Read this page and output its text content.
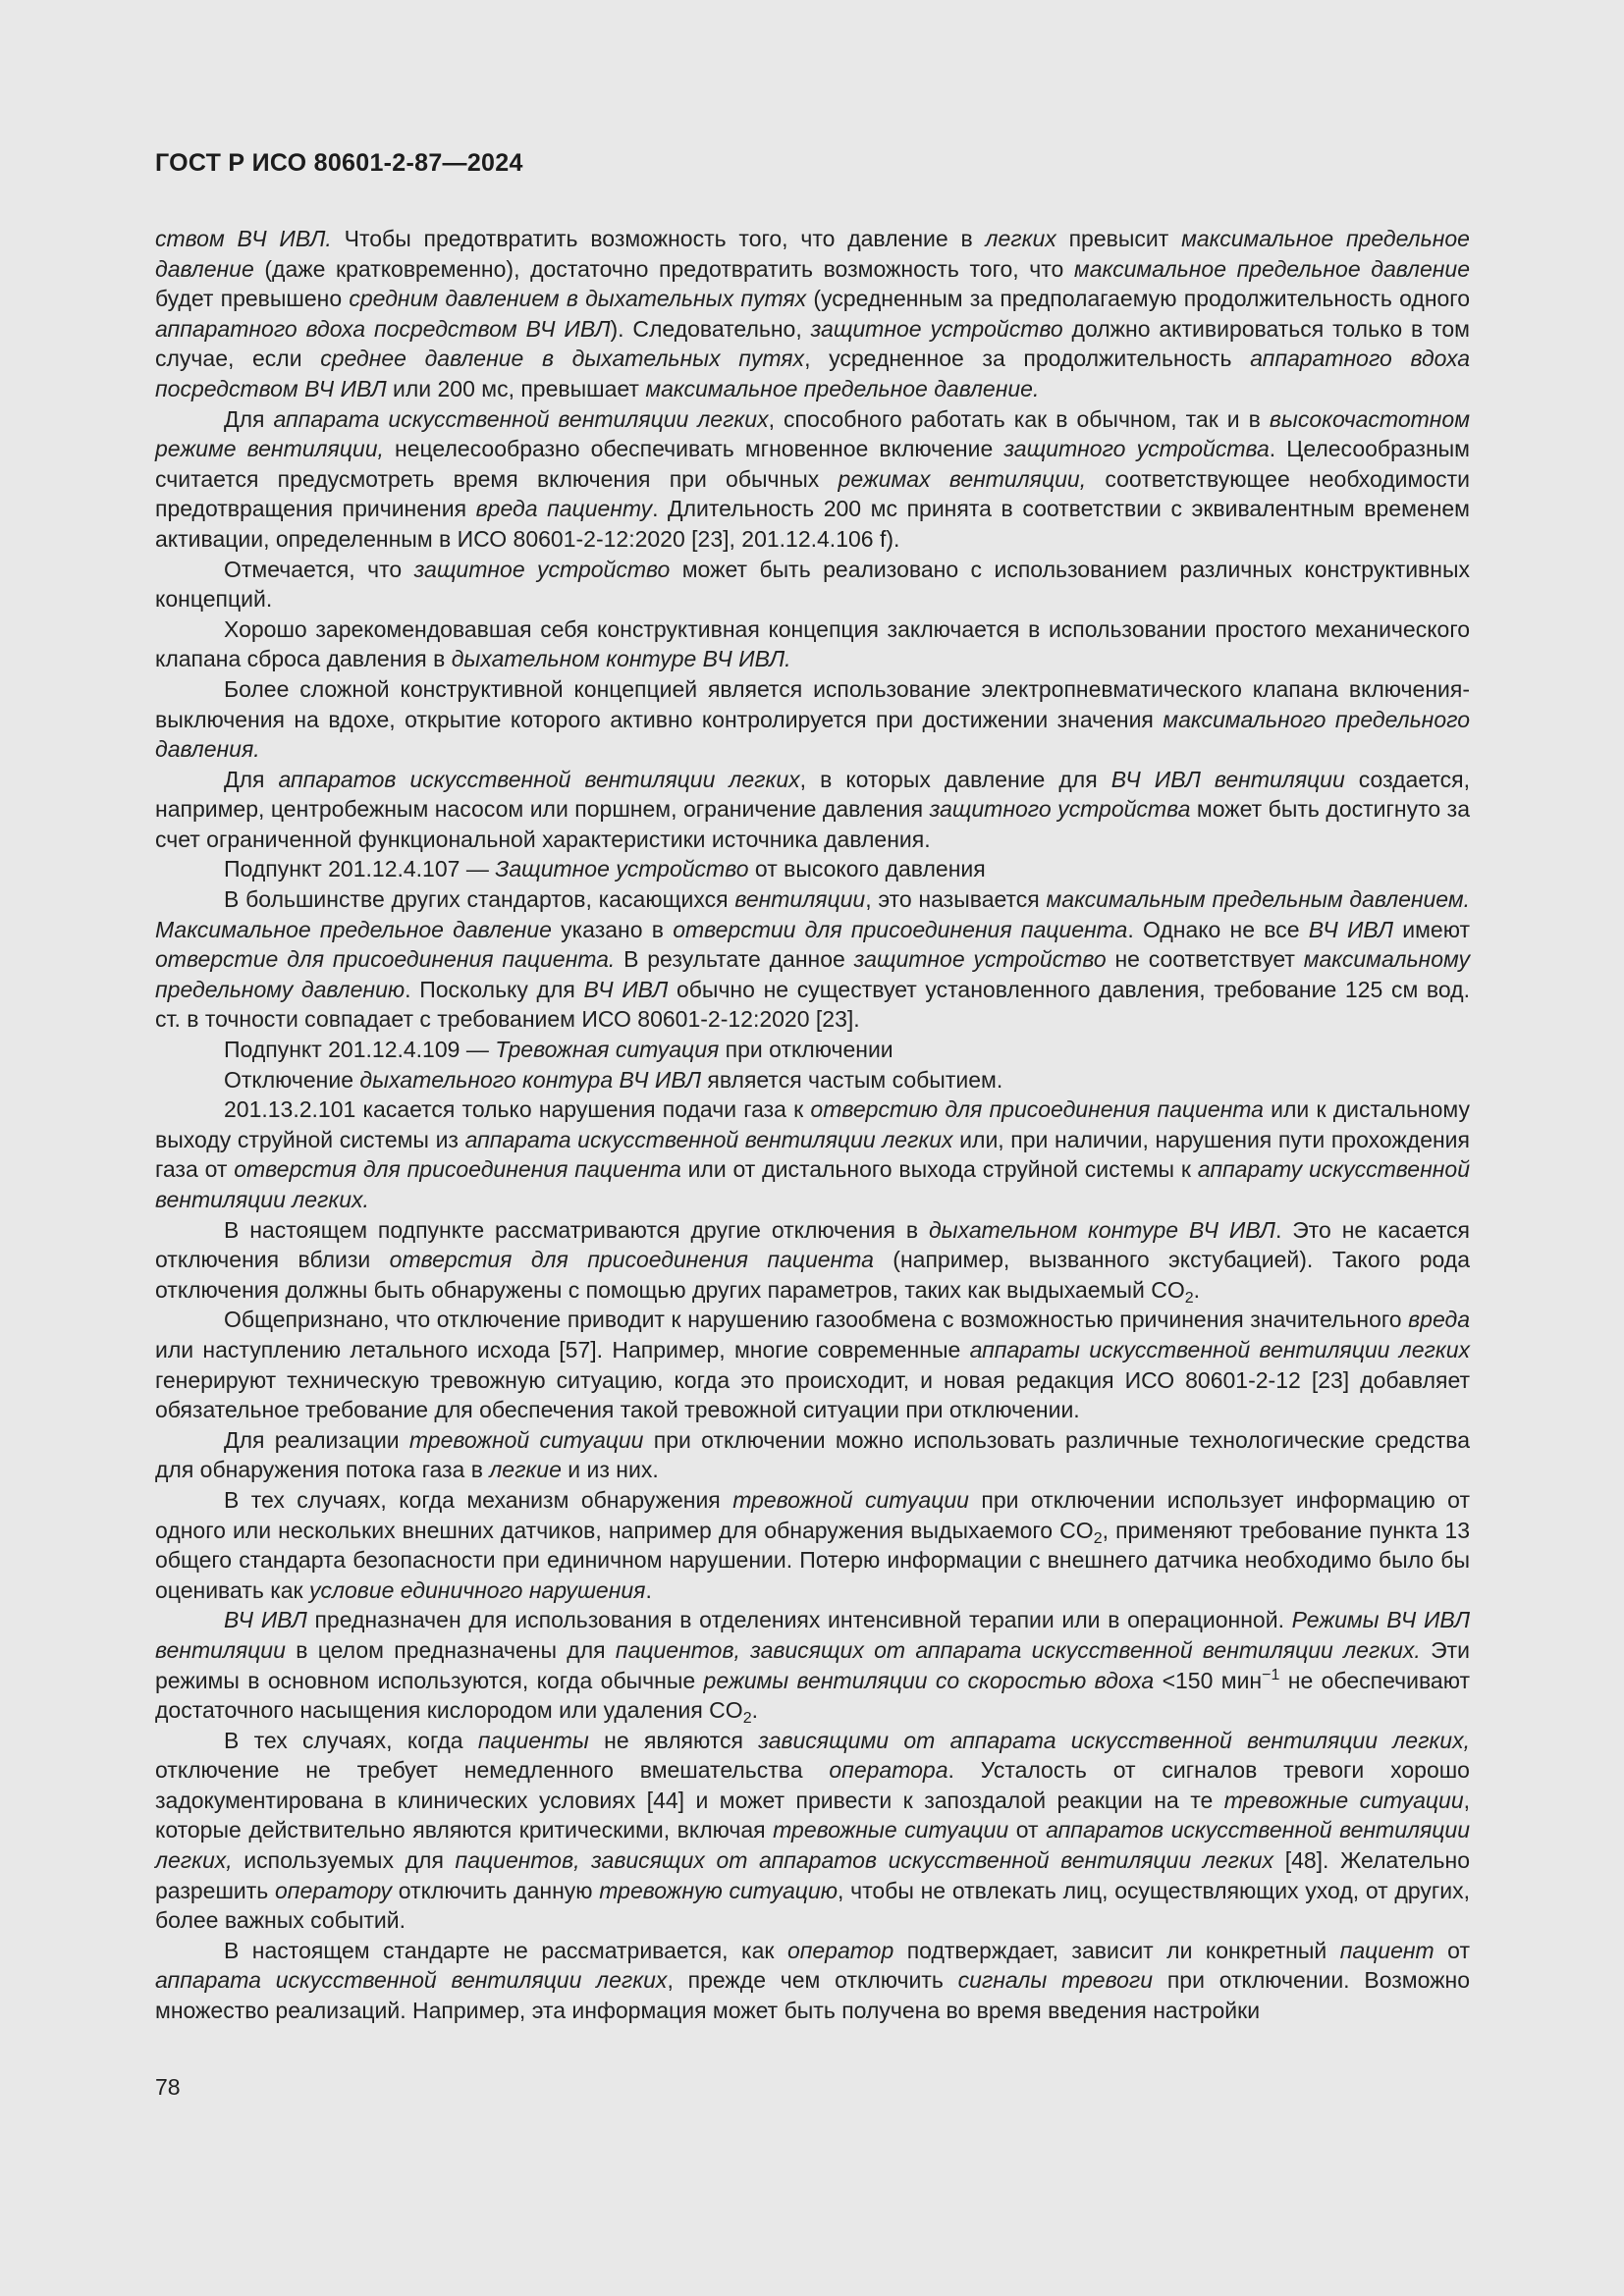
ГОСТ Р ИСО 80601-2-87—2024

ством ВЧ ИВЛ. Чтобы предотвратить возможность того, что давление в легких превысит максимальное предельное давление (даже кратковременно), достаточно предотвратить возможность того, что максимальное предельное давление будет превышено средним давлением в дыхательных путях (усредненным за предполагаемую продолжительность одного аппаратного вдоха посредством ВЧ ИВЛ). Следовательно, защитное устройство должно активироваться только в том случае, если среднее давление в дыхательных путях, усредненное за продолжительность аппаратного вдоха посредством ВЧ ИВЛ или 200 мс, превышает максимальное предельное давление.

Для аппарата искусственной вентиляции легких, способного работать как в обычном, так и в высокочастотном режиме вентиляции, нецелесообразно обеспечивать мгновенное включение защитного устройства. Целесообразным считается предусмотреть время включения при обычных режимах вентиляции, соответствующее необходимости предотвращения причинения вреда пациенту. Длительность 200 мс принята в соответствии с эквивалентным временем активации, определенным в ИСО 80601-2-12:2020 [23], 201.12.4.106 f).

Отмечается, что защитное устройство может быть реализовано с использованием различных конструктивных концепций.

Хорошо зарекомендовавшая себя конструктивная концепция заключается в использовании простого механического клапана сброса давления в дыхательном контуре ВЧ ИВЛ.

Более сложной конструктивной концепцией является использование электропневматического клапана включения-выключения на вдохе, открытие которого активно контролируется при достижении значения максимального предельного давления.

Для аппаратов искусственной вентиляции легких, в которых давление для ВЧ ИВЛ вентиляции создается, например, центробежным насосом или поршнем, ограничение давления защитного устройства может быть достигнуто за счет ограниченной функциональной характеристики источника давления.

Подпункт 201.12.4.107 — Защитное устройство от высокого давления

В большинстве других стандартов, касающихся вентиляции, это называется максимальным предельным давлением. Максимальное предельное давление указано в отверстии для присоединения пациента. Однако не все ВЧ ИВЛ имеют отверстие для присоединения пациента. В результате данное защитное устройство не соответствует максимальному предельному давлению. Поскольку для ВЧ ИВЛ обычно не существует установленного давления, требование 125 см вод. ст. в точности совпадает с требованием ИСО 80601-2-12:2020 [23].

Подпункт 201.12.4.109 — Тревожная ситуация при отключении

Отключение дыхательного контура ВЧ ИВЛ является частым событием.

201.13.2.101 касается только нарушения подачи газа к отверстию для присоединения пациента или к дистальному выходу струйной системы из аппарата искусственной вентиляции легких или, при наличии, нарушения пути прохождения газа от отверстия для присоединения пациента или от дистального выхода струйной системы к аппарату искусственной вентиляции легких.

В настоящем подпункте рассматриваются другие отключения в дыхательном контуре ВЧ ИВЛ. Это не касается отключения вблизи отверстия для присоединения пациента (например, вызванного экстубацией). Такого рода отключения должны быть обнаружены с помощью других параметров, таких как выдыхаемый $CO_2$.

Общепризнано, что отключение приводит к нарушению газообмена с возможностью причинения значительного вреда или наступлению летального исхода [57]. Например, многие современные аппараты искусственной вентиляции легких генерируют техническую тревожную ситуацию, когда это происходит, и новая редакция ИСО 80601-2-12 [23] добавляет обязательное требование для обеспечения такой тревожной ситуации при отключении.

Для реализации тревожной ситуации при отключении можно использовать различные технологические средства для обнаружения потока газа в легкие и из них.

В тех случаях, когда механизм обнаружения тревожной ситуации при отключении использует информацию от одного или нескольких внешних датчиков, например для обнаружения выдыхаемого $CO_2$, применяют требование пункта 13 общего стандарта безопасности при единичном нарушении. Потерю информации с внешнего датчика необходимо было бы оценивать как условие единичного нарушения.

ВЧ ИВЛ предназначен для использования в отделениях интенсивной терапии или в операционной. Режимы ВЧ ИВЛ вентиляции в целом предназначены для пациентов, зависящих от аппарата искусственной вентиляции легких. Эти режимы в основном используются, когда обычные режимы вентиляции со скоростью вдоха <150 мин$^{-1}$ не обеспечивают достаточного насыщения кислородом или удаления $CO_2$.

В тех случаях, когда пациенты не являются зависящими от аппарата искусственной вентиляции легких, отключение не требует немедленного вмешательства оператора. Усталость от сигналов тревоги хорошо задокументирована в клинических условиях [44] и может привести к запоздалой реакции на те тревожные ситуации, которые действительно являются критическими, включая тревожные ситуации от аппаратов искусственной вентиляции легких, используемых для пациентов, зависящих от аппаратов искусственной вентиляции легких [48]. Желательно разрешить оператору отключить данную тревожную ситуацию, чтобы не отвлекать лиц, осуществляющих уход, от других, более важных событий.

В настоящем стандарте не рассматривается, как оператор подтверждает, зависит ли конкретный пациент от аппарата искусственной вентиляции легких, прежде чем отключить сигналы тревоги при отключении. Возможно множество реализаций. Например, эта информация может быть получена во время введения настройки

78
